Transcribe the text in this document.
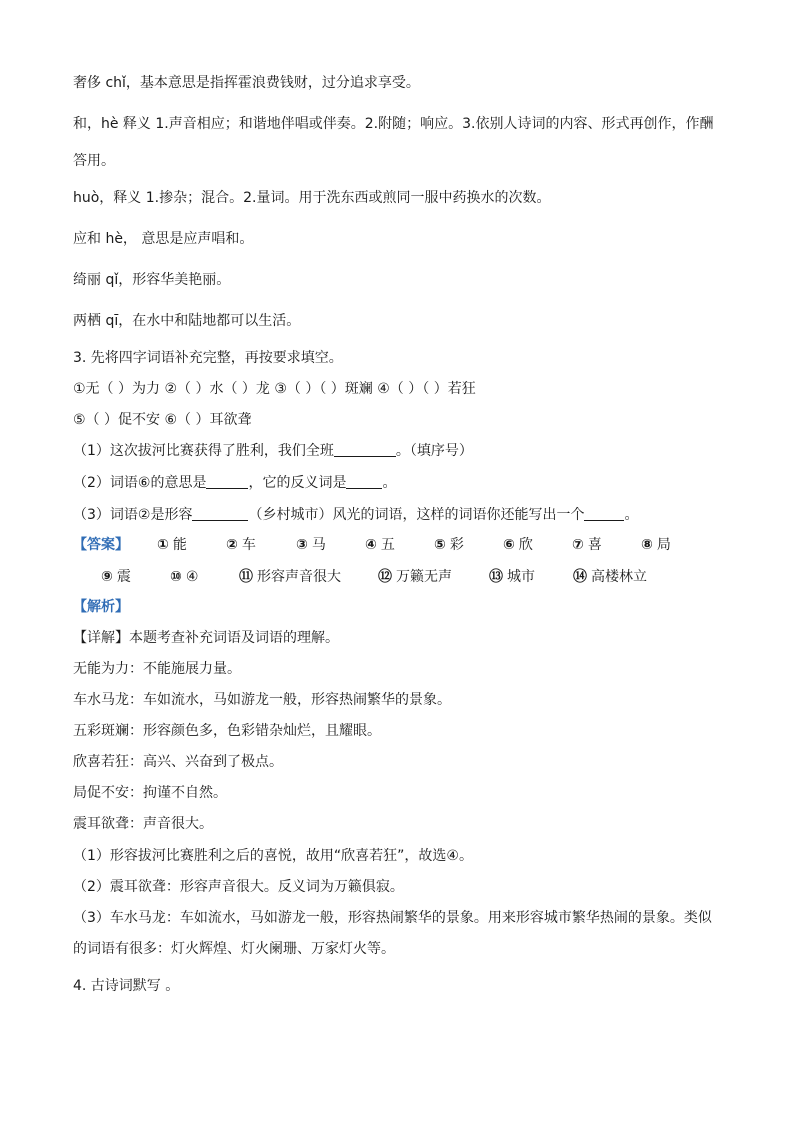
奢侈 chǐ，基本意思是指挥霍浪费钱财，过分追求享受。
和，hè 释义 1.声音相应；和谐地伴唱或伴奏。2.附随；响应。3.依别人诗词的内容、形式再创作，作酬
答用。
huò，释义 1.掺杂；混合。2.量词。用于洗东西或煎同一服中药换水的次数。
应和 hè， 意思是应声唱和。
绮丽 qǐ，形容华美艳丽。
两栖 qī，在水中和陆地都可以生活。
3. 先将四字词语补充完整，再按要求填空。
①无（ ）为力 ②（ ）水（ ）龙 ③（ ）（ ）斑斓 ④（ ）（ ）若狂
⑤（ ）促不安 ⑥（ ）耳欲聋
（1）这次拔河比赛获得了胜利，我们全班	。（填序号）
（2）词语⑥的意思是	，它的反义词是	。
（3）词语②是形容	（乡村城市）风光的词语，这样的词语你还能写出一个	。
【答案】 ① 能	② 车	③ 马	④ 五	⑤ 彩	⑥ 欣	⑦ 喜	⑧ 局
⑨ 震	⑩ ④	⑪ 形容声音很大	⑫ 万籁无声	⑬ 城市	⑭ 高楼林立
【解析】
【详解】本题考查补充词语及词语的理解。
无能为力：不能施展力量。
车水马龙：车如流水，马如游龙一般，形容热闹繁华的景象。
五彩斑斓：形容颜色多，色彩错杂灿烂，且耀眼。
欣喜若狂：高兴、兴奋到了极点。
局促不安：拘谨不自然。
震耳欲聋：声音很大。
（1）形容拔河比赛胜利之后的喜悦，故用“欣喜若狂”，故选④。
（2）震耳欲聋：形容声音很大。反义词为万籁俱寂。
（3）车水马龙：车如流水，马如游龙一般，形容热闹繁华的景象。用来形容城市繁华热闹的景象。类似
的词语有很多：灯火辉煌、灯火阑珊、万家灯火等。
4. 古诗词默写 。
